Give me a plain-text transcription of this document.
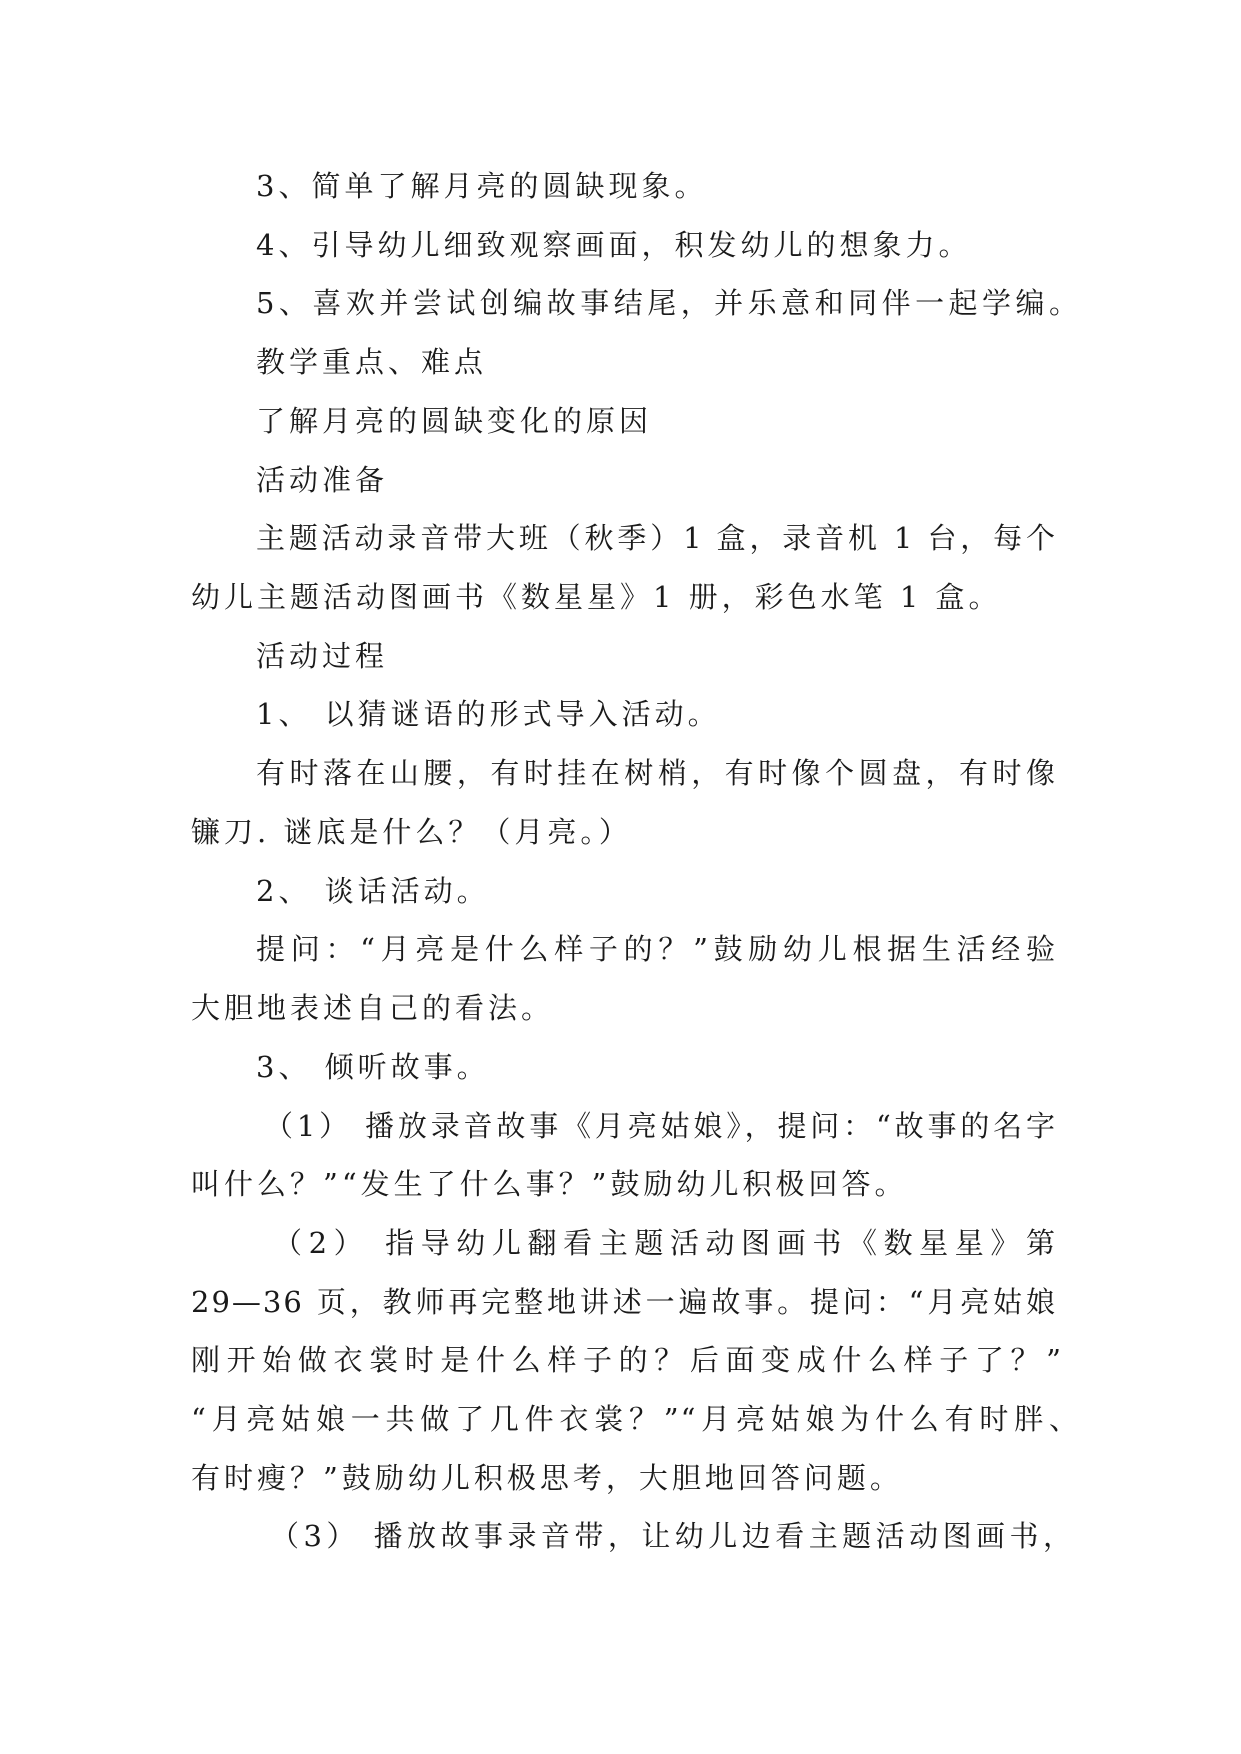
3、简单了解月亮的圆缺现象。
4、引导幼儿细致观察画面，积发幼儿的想象力。
5、喜欢并尝试创编故事结尾，并乐意和同伴一起学编。
教学重点、难点
了解月亮的圆缺变化的原因
活动准备
主题活动录音带大班（秋季）1 盒，录音机 1 台，每个
幼儿主题活动图画书《数星星》1 册，彩色水笔 1 盒。
活动过程
1、 以猜谜语的形式导入活动。
有时落在山腰，有时挂在树梢，有时像个圆盘，有时像
镰刀. 谜底是什么？（月亮。）
2、 谈话活动。
提问：“月亮是什么样子的？”鼓励幼儿根据生活经验
大胆地表述自己的看法。
3、 倾听故事。
（1） 播放录音故事《月亮姑娘》，提问：“故事的名字
叫什么？”“发生了什么事？”鼓励幼儿积极回答。
（2） 指导幼儿翻看主题活动图画书《数星星》第
29—36 页，教师再完整地讲述一遍故事。提问：“月亮姑娘
刚开始做衣裳时是什么样子的？后面变成什么样子了？”
“月亮姑娘一共做了几件衣裳？”“月亮姑娘为什么有时胖、
有时瘦？”鼓励幼儿积极思考，大胆地回答问题。
（3） 播放故事录音带，让幼儿边看主题活动图画书，
